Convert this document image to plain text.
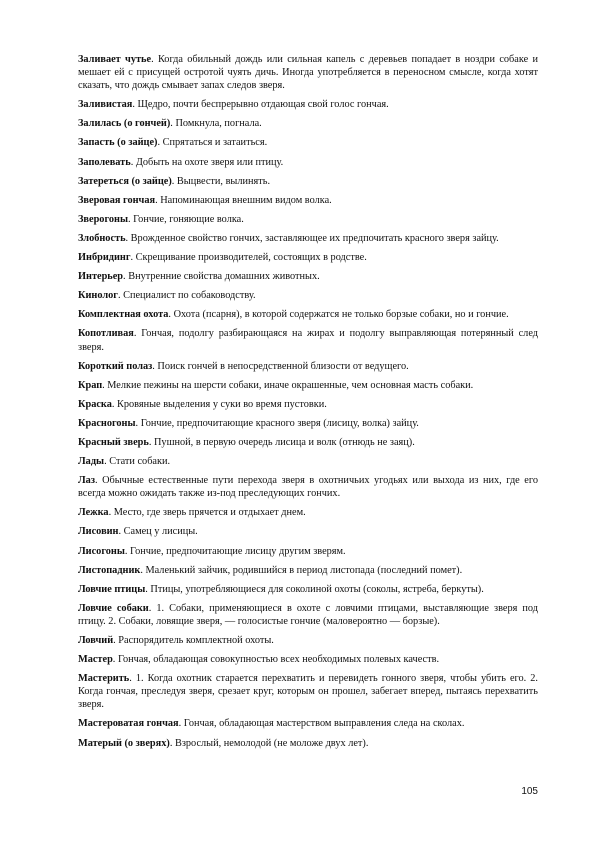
Заливает чутье. Когда обильный дождь или сильная капель с деревьев попадает в ноздри собаке и мешает ей с присущей остротой чуять дичь. Иногда употребляется в переносном смысле, когда хотят сказать, что дождь смывает запах следов зверя.

Заливистая. Щедро, почти беспрерывно отдающая свой голос гончая.

Залилась (о гончей). Помкнула, погнала.

Запасть (о зайце). Спрятаться и затаиться.

Заполевать. Добыть на охоте зверя или птицу.

Затереться (о зайце). Выцвести, вылинять.

Зверовая гончая. Напоминающая внешним видом волка.

Зверогоны. Гончие, гоняющие волка.

Злобность. Врожденное свойство гончих, заставляющее их предпочитать красного зверя зайцу.

Инбридинг. Скрещивание производителей, состоящих в родстве.

Интерьер. Внутренние свойства домашних животных.

Кинолог. Специалист по собаководству.

Комплектная охота. Охота (псарня), в которой содержатся не только борзые собаки, но и гончие.

Копотливая. Гончая, подолгу разбирающаяся на жирах и подолгу выправляющая потерянный след зверя.

Короткий полаз. Поиск гончей в непосредственной близости от ведущего.

Крап. Мелкие пежины на шерсти собаки, иначе окрашенные, чем основная масть собаки.

Краска. Кровяные выделения у суки во время пустовки.

Красногоны. Гончие, предпочитающие красного зверя (лисицу, волка) зайцу.

Красный зверь. Пушной, в первую очередь лисица и волк (отнюдь не заяц).

Лады. Стати собаки.

Лаз. Обычные естественные пути перехода зверя в охотничьих угодьях или выхода из них, где его всегда можно ожидать также из-под преследующих гончих.

Лежка. Место, где зверь прячется и отдыхает днем.

Лисовин. Самец у лисицы.

Лисогоны. Гончие, предпочитающие лисицу другим зверям.

Листопадник. Маленький зайчик, родившийся в период листопада (последний помет).

Ловчие птицы. Птицы, употребляющиеся для соколиной охоты (соколы, ястреба, беркуты).

Ловчие собаки. 1. Собаки, применяющиеся в охоте с ловчими птицами, выставляющие зверя под птицу. 2. Собаки, ловящие зверя, — голосистые гончие (маловероятно — борзые).

Ловчий. Распорядитель комплектной охоты.

Мастер. Гончая, обладающая совокупностью всех необходимых полевых качеств.

Мастерить. 1. Когда охотник старается перехватить и перевидеть гонного зверя, чтобы убить его. 2. Когда гончая, преследуя зверя, срезает круг, которым он прошел, забегает вперед, пытаясь перехватить зверя.

Мастероватая гончая. Гончая, обладающая мастерством выправления следа на сколах.

Матерый (о зверях). Взрослый, немолодой (не моложе двух лет).

105
